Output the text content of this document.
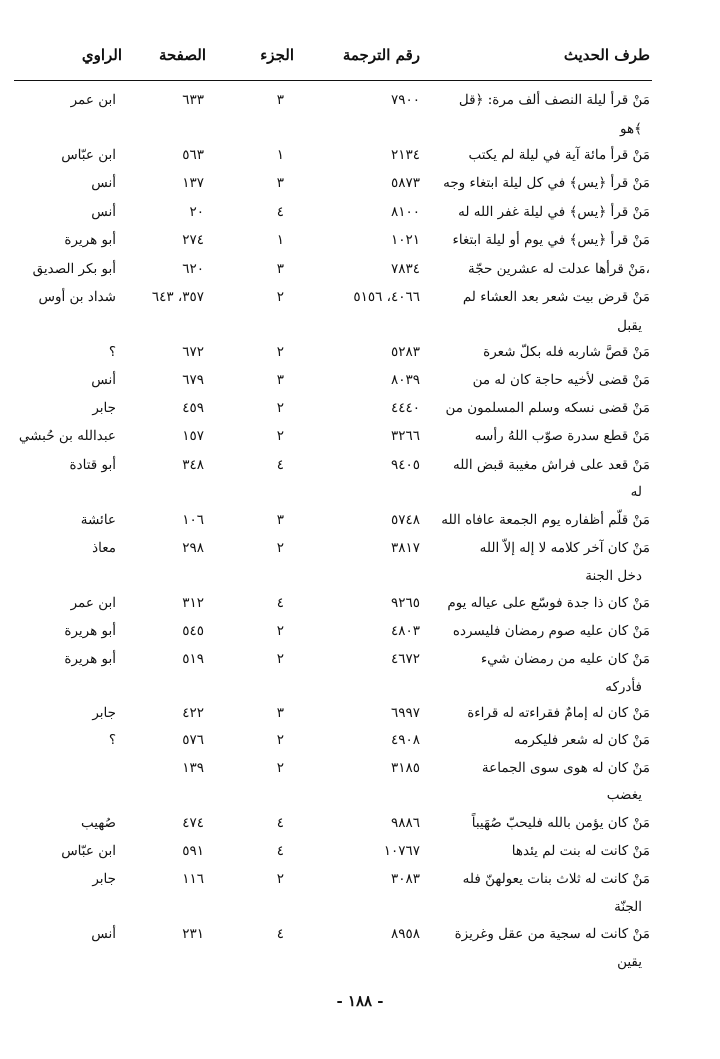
طرف الحديث
رقم الترجمة
الجزء
الصفحة
الراوي
مَنْ قرأ ليلة النصف ألف مرة: ﴿قل
٧٩٠٠
٣
٦٣٣
ابن عمر
مَنْ قرأ مائة آية في ليلة لم يكتب
٢١٣٤
١
٥٦٣
ابن عبّاس
مَنْ قرأ ﴿يس﴾ في كل ليلة ابتغاء وجه
٥٨٧٣
٣
١٣٧
أنس
مَنْ قرأ ﴿يس﴾ في ليلة غفر الله له
٨١٠٠
٤
٢٠
أنس
مَنْ قرأ ﴿يس﴾ في يوم أو ليلة ابتغاء
١٠٢١
١
٢٧٤
أبو هريرة
مَنْ قرأها عدلت له عشرين حجّة،
٧٨٣٤
٣
٦٢٠
أبو بكر الصديق
مَنْ قرض بيت شعر بعد العشاء لم
٤٠٦٦، ٥١٥٦
٢
٣٥٧، ٦٤٣
شداد بن أوس
مَنْ قصَّ شاربه فله بكلّ شعرة
٥٢٨٣
٢
٦٧٢
؟
مَنْ قضى لأخيه حاجة كان له من
٨٠٣٩
٣
٦٧٩
أنس
مَنْ قضى نسكه وسلم المسلمون من
٤٤٤٠
٢
٤٥٩
جابر
مَنْ قطع سدرة صوّب اللهُ رأسه
٣٢٦٦
٢
١٥٧
عبدالله بن حُبشي
مَنْ قعد على فراش مغيبة قبض الله
٩٤٠٥
٤
٣٤٨
أبو قتادة
مَنْ قلّم أظفاره يوم الجمعة عافاه الله
٥٧٤٨
٣
١٠٦
عائشة
مَنْ كان آخر كلامه لا إله إلاّ الله
٣٨١٧
٢
٢٩٨
معاذ
مَنْ كان ذا جدة فوسّع على عياله يوم
٩٢٦٥
٤
٣١٢
ابن عمر
مَنْ كان عليه صوم رمضان فليسرده
٤٨٠٣
٢
٥٤٥
أبو هريرة
مَنْ كان عليه من رمضان شيء
٤٦٧٢
٢
٥١٩
أبو هريرة
مَنْ كان له إمامٌ فقراءته له قراءة
٦٩٩٧
٣
٤٢٢
جابر
مَنْ كان له شعر فليكرمه
٤٩٠٨
٢
٥٧٦
؟
مَنْ كان له هوى سوى الجماعة
٣١٨٥
٢
١٣٩
مَنْ كان يؤمن بالله فليحبّ صُهَيباً
٩٨٨٦
٤
٤٧٤
صُهيب
مَنْ كانت له بنت لم يئدها
١٠٧٦٧
٤
٥٩١
ابن عبّاس
مَنْ كانت له ثلاث بنات يعولهنّ فله
٣٠٨٣
٢
١١٦
جابر
مَنْ كانت له سجية من عقل وغريزة
٨٩٥٨
٤
٢٣١
أنس
هو﴾
يقبل
له
دخل الجنة
فأدركه
يغضب
الجنّة
يقين
- ١٨٨ -
